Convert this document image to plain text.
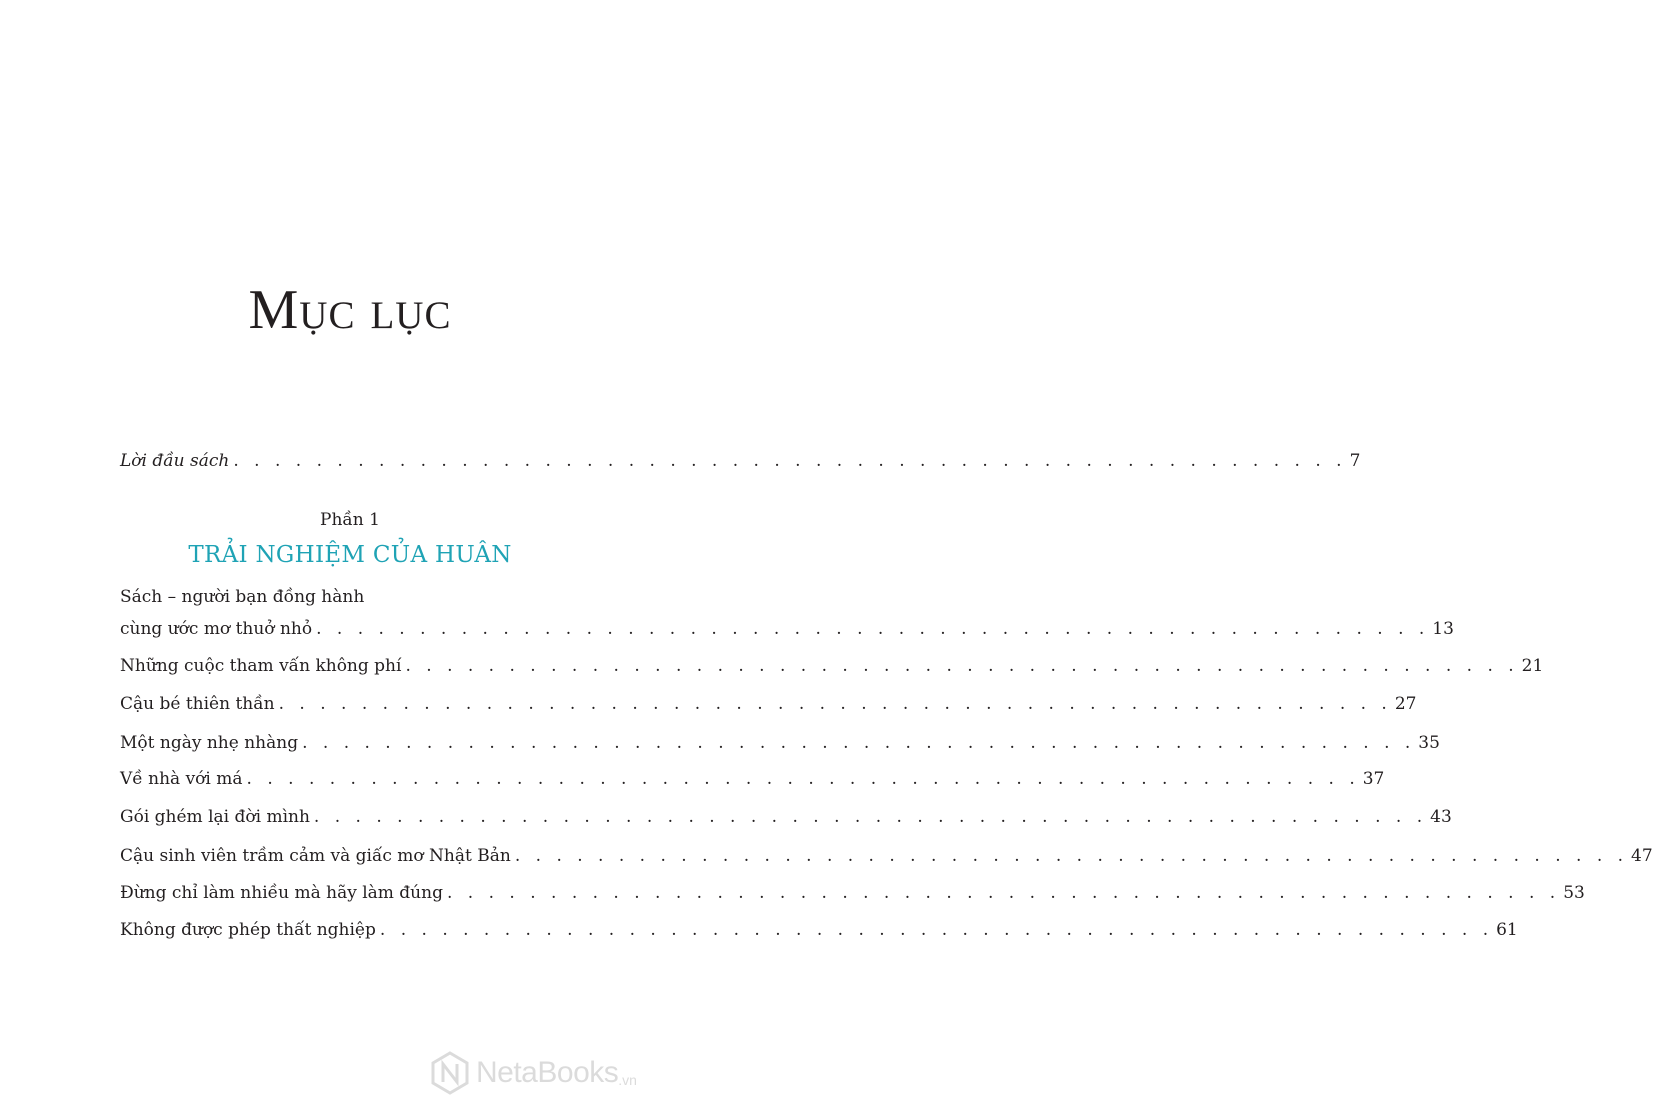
Mục lục
Lời đầu sách . . . . . . . . . . . . . . . . . . . . . . . . . . . . . . . . . . . . . . . . . . . . . . . . . . . . . . 7
Phần 1
TRẢI NGHIỆM CỦA HUÂN
Sách – người bạn đồng hành
cùng ước mơ thuở nhỏ . . . . . . . . . . . . . . . . . . . . . . . . . . . . . . . . . . . . . . . . . . . . . . . . . . . . . . 13
Những cuộc tham vấn không phí . . . . . . . . . . . . . . . . . . . . . . . . . . . . . . . . . . . . . . . . . . . . . . . . . . . . . . 21
Cậu bé thiên thần . . . . . . . . . . . . . . . . . . . . . . . . . . . . . . . . . . . . . . . . . . . . . . . . . . . . . . 27
Một ngày nhẹ nhàng . . . . . . . . . . . . . . . . . . . . . . . . . . . . . . . . . . . . . . . . . . . . . . . . . . . . . . 35
Về nhà với má . . . . . . . . . . . . . . . . . . . . . . . . . . . . . . . . . . . . . . . . . . . . . . . . . . . . . . 37
Gói ghém lại đời mình . . . . . . . . . . . . . . . . . . . . . . . . . . . . . . . . . . . . . . . . . . . . . . . . . . . . . . 43
Cậu sinh viên trầm cảm và giấc mơ Nhật Bản . . . . . . . . . . . . . . . . . . . . . . . . . . . . . . . . . . . . . . . . . . . . . . . . . . . . . . 47
Đừng chỉ làm nhiều mà hãy làm đúng . . . . . . . . . . . . . . . . . . . . . . . . . . . . . . . . . . . . . . . . . . . . . . . . . . . . . . 53
Không được phép thất nghiệp . . . . . . . . . . . . . . . . . . . . . . . . . . . . . . . . . . . . . . . . . . . . . . . . . . . . . . 61
NetaBooks .vn
